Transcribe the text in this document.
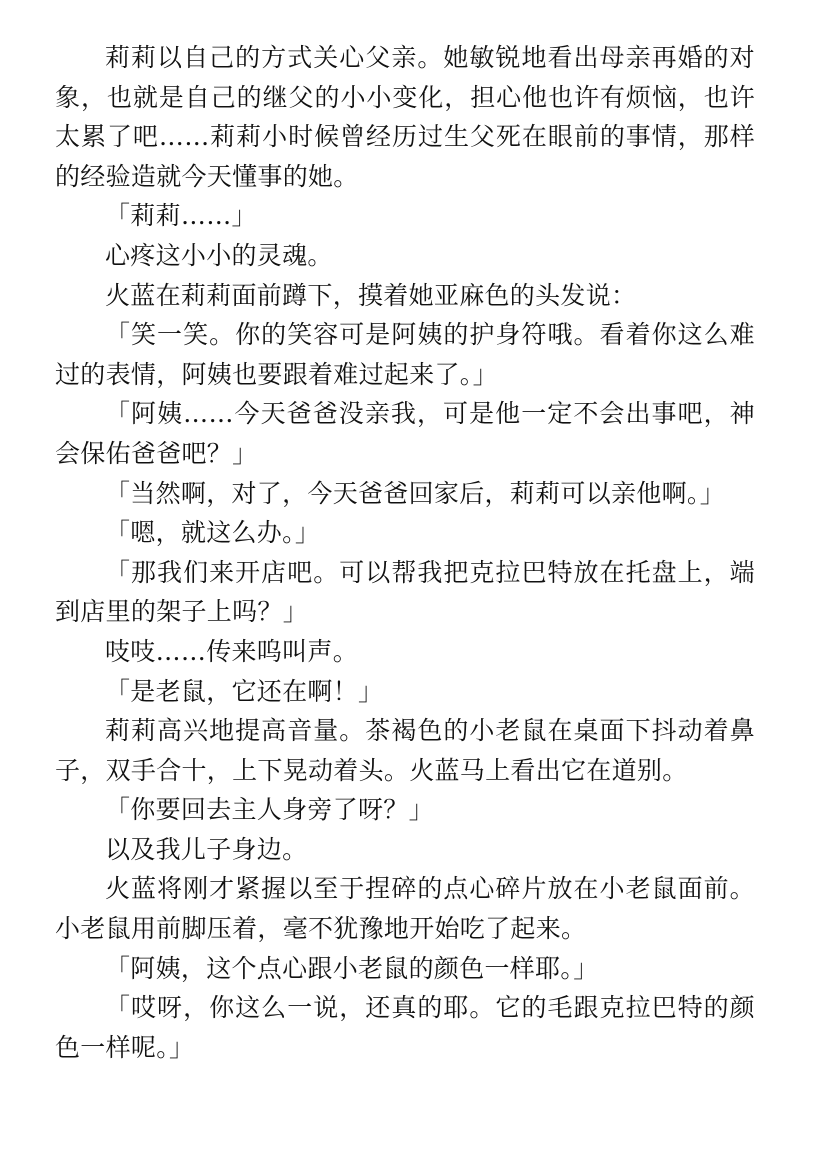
莉莉以自己的方式关心父亲。她敏锐地看出母亲再婚的对象，也就是自己的继父的小小变化，担心他也许有烦恼，也许太累了吧……莉莉小时候曾经历过生父死在眼前的事情，那样的经验造就今天懂事的她。

「莉莉……」

心疼这小小的灵魂。

火蓝在莉莉面前蹲下，摸着她亚麻色的头发说：

「笑一笑。你的笑容可是阿姨的护身符哦。看着你这么难过的表情，阿姨也要跟着难过起来了。」

「阿姨……今天爸爸没亲我，可是他一定不会出事吧，神会保佑爸爸吧？」

「当然啊，对了，今天爸爸回家后，莉莉可以亲他啊。」

「嗯，就这么办。」

「那我们来开店吧。可以帮我把克拉巴特放在托盘上，端到店里的架子上吗？」

吱吱……传来呜叫声。

「是老鼠，它还在啊！」

莉莉高兴地提高音量。茶褐色的小老鼠在桌面下抖动着鼻子，双手合十，上下晃动着头。火蓝马上看出它在道别。

「你要回去主人身旁了呀？」

以及我儿子身边。

火蓝将刚才紧握以至于捏碎的点心碎片放在小老鼠面前。小老鼠用前脚压着，毫不犹豫地开始吃了起来。

「阿姨，这个点心跟小老鼠的颜色一样耶。」

「哎呀，你这么一说，还真的耶。它的毛跟克拉巴特的颜色一样呢。」
